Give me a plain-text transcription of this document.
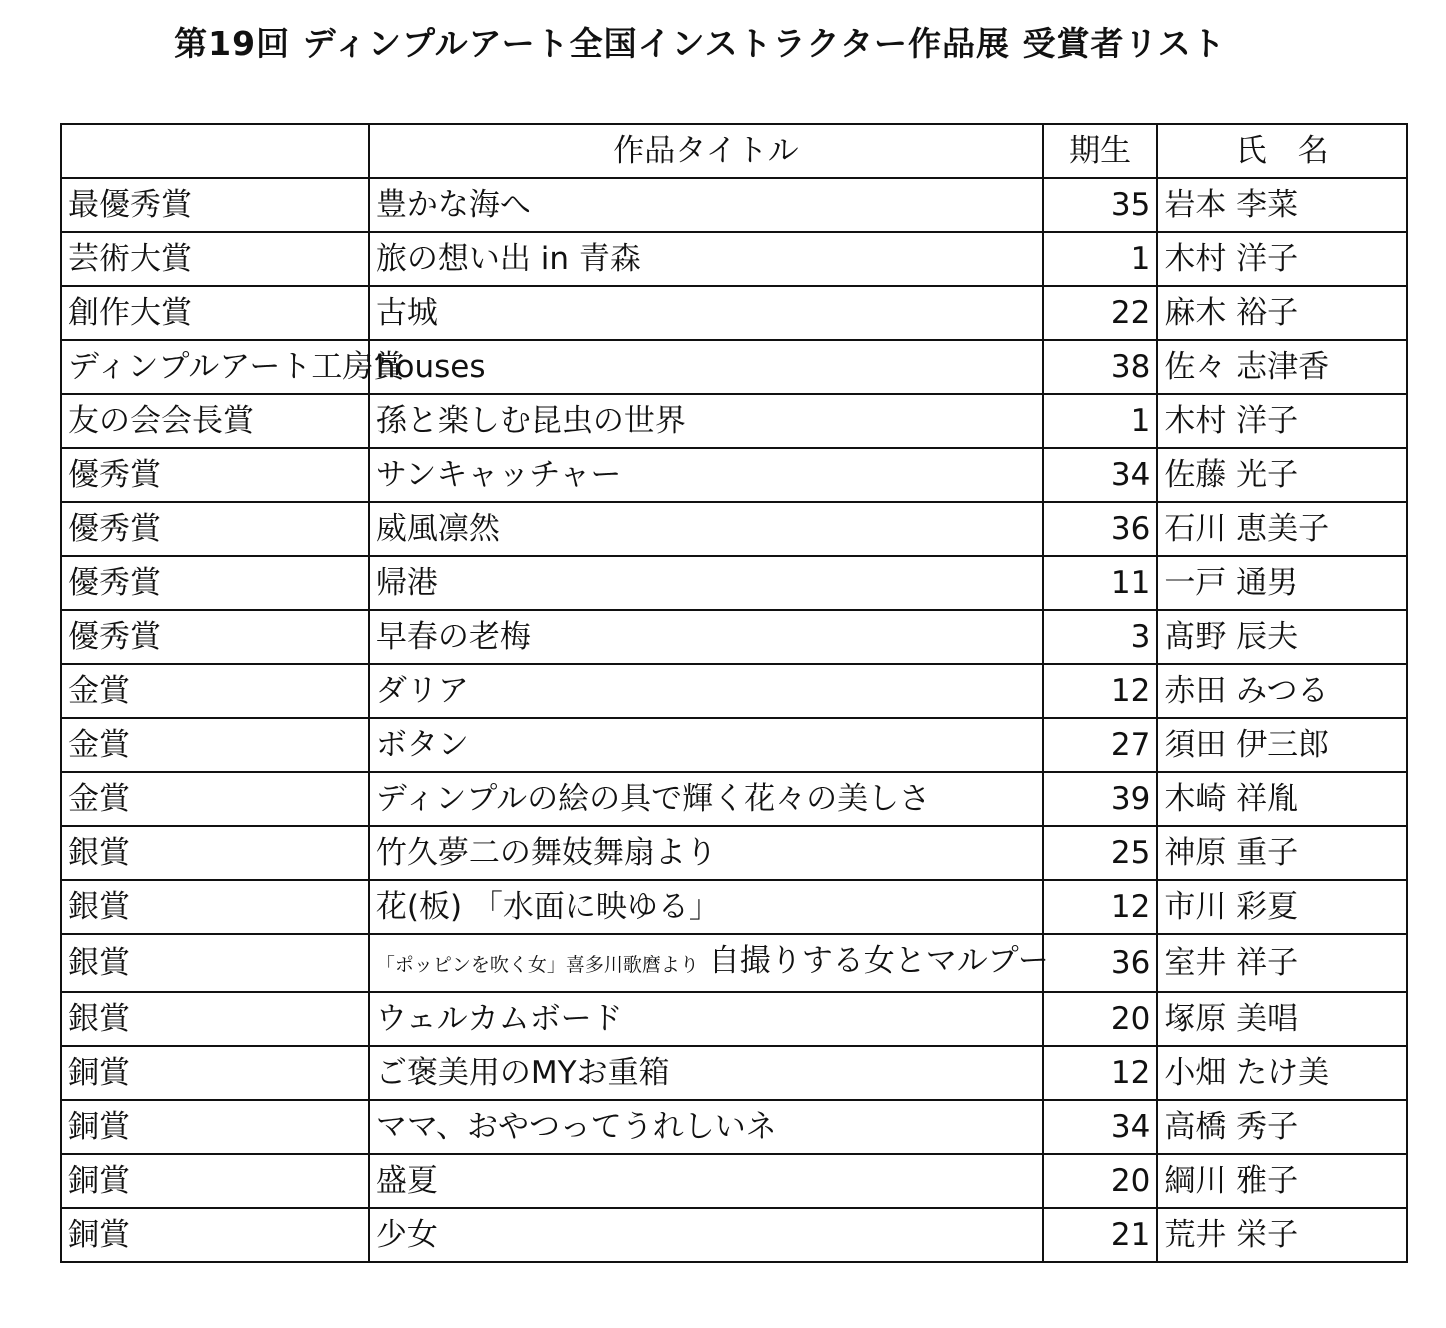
第19回 ディンプルアート全国インストラクター作品展 受賞者リスト
	作品タイトル	期生	氏　名
最優秀賞	豊かな海へ	35	岩本 李菜
芸術大賞	旅の想い出 in 青森	1	木村 洋子
創作大賞	古城	22	麻木 裕子
ディンプルアート工房賞	houses	38	佐々 志津香
友の会会長賞	孫と楽しむ昆虫の世界	1	木村 洋子
優秀賞	サンキャッチャー	34	佐藤 光子
優秀賞	威風凛然	36	石川 恵美子
優秀賞	帰港	11	一戸 通男
優秀賞	早春の老梅	3	髙野 辰夫
金賞	ダリア	12	赤田 みつる
金賞	ボタン	27	須田 伊三郎
金賞	ディンプルの絵の具で輝く花々の美しさ	39	木崎 祥胤
銀賞	竹久夢二の舞妓舞扇より	25	神原 重子
銀賞	花(板) 「水面に映ゆる」	12	市川 彩夏
銀賞	「ポッピンを吹く女」喜多川歌麿より 自撮りする女とマルプー	36	室井 祥子
銀賞	ウェルカムボード	20	塚原 美唱
銅賞	ご褒美用のMYお重箱	12	小畑 たけ美
銅賞	ママ、おやつってうれしいネ	34	高橋 秀子
銅賞	盛夏	20	綱川 雅子
銅賞	少女	21	荒井 栄子
